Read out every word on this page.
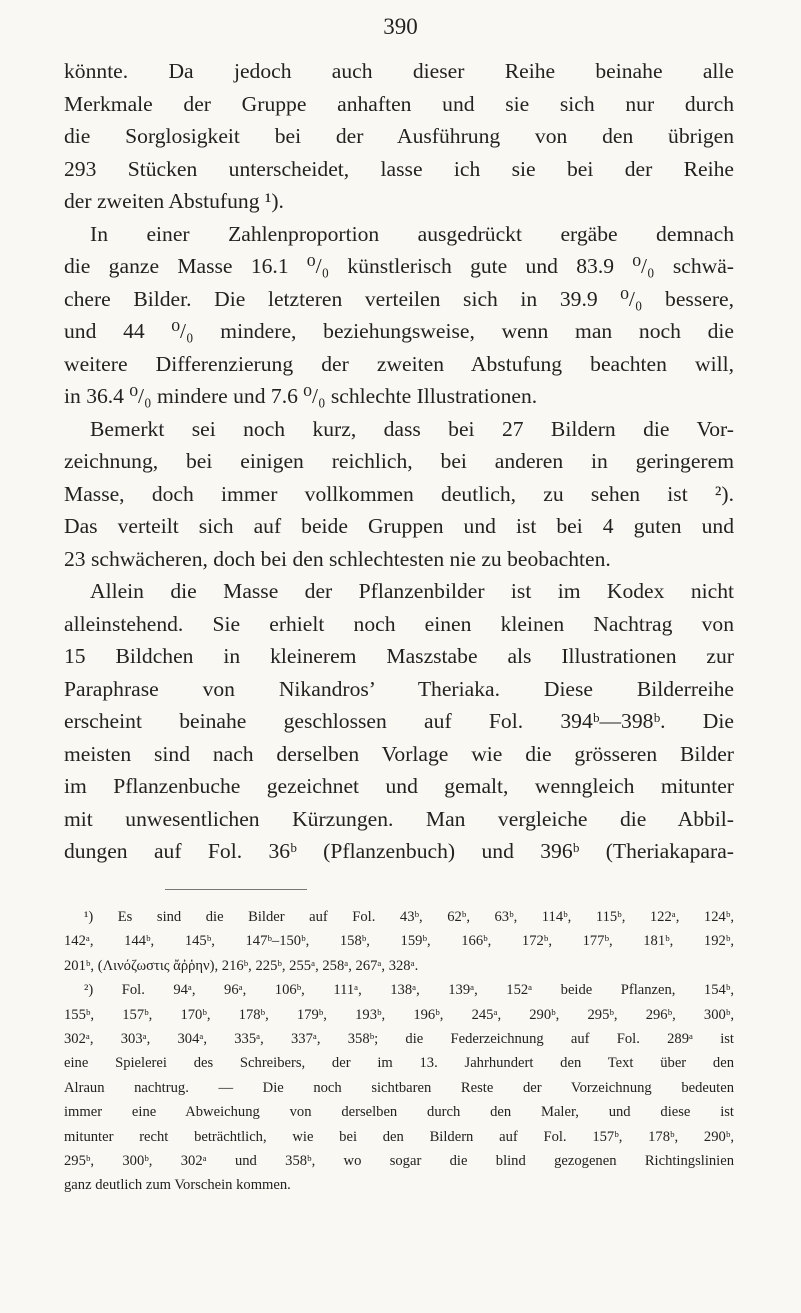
390
könnte. Da jedoch auch dieser Reihe beinahe alle
Merkmale der Gruppe anhaften und sie sich nur durch
die Sorglosigkeit bei der Ausführung von den übrigen
293 Stücken unterscheidet, lasse ich sie bei der Reihe
der zweiten Abstufung ¹).
In einer Zahlenproportion ausgedrückt ergäbe demnach
die ganze Masse 16.1 ⁰/₀ künstlerisch gute und 83.9 ⁰/₀ schwä-
chere Bilder. Die letzteren verteilen sich in 39.9 ⁰/₀ bessere,
und 44 ⁰/₀ mindere, beziehungsweise, wenn man noch die
weitere Differenzierung der zweiten Abstufung beachten will,
in 36.4 ⁰/₀ mindere und 7.6 ⁰/₀ schlechte Illustrationen.
Bemerkt sei noch kurz, dass bei 27 Bildern die Vor-
zeichnung, bei einigen reichlich, bei anderen in geringerem
Masse, doch immer vollkommen deutlich, zu sehen ist ²).
Das verteilt sich auf beide Gruppen und ist bei 4 guten und
23 schwächeren, doch bei den schlechtesten nie zu beobachten.
Allein die Masse der Pflanzenbilder ist im Kodex nicht
alleinstehend. Sie erhielt noch einen kleinen Nachtrag von
15 Bildchen in kleinerem Maszstabe als Illustrationen zur
Paraphrase von Nikandros’ Theriaka. Diese Bilderreihe
erscheint beinahe geschlossen auf Fol. 394ᵇ—398ᵇ. Die
meisten sind nach derselben Vorlage wie die grösseren Bilder
im Pflanzenbuche gezeichnet und gemalt, wenngleich mitunter
mit unwesentlichen Kürzungen. Man vergleiche die Abbil-
dungen auf Fol. 36ᵇ (Pflanzenbuch) und 396ᵇ (Theriakapara-
¹) Es sind die Bilder auf Fol. 43ᵇ, 62ᵇ, 63ᵇ, 114ᵇ, 115ᵇ, 122ᵃ, 124ᵇ,
142ᵃ, 144ᵇ, 145ᵇ, 147ᵇ–150ᵇ, 158ᵇ, 159ᵇ, 166ᵇ, 172ᵇ, 177ᵇ, 181ᵇ, 192ᵇ,
201ᵇ, (Λινόζωστις ἄῤῥην), 216ᵇ, 225ᵇ, 255ᵃ, 258ᵃ, 267ᵃ, 328ᵃ.
²) Fol. 94ᵃ, 96ᵃ, 106ᵇ, 111ᵃ, 138ᵃ, 139ᵃ, 152ᵃ beide Pflanzen, 154ᵇ,
155ᵇ, 157ᵇ, 170ᵇ, 178ᵇ, 179ᵇ, 193ᵇ, 196ᵇ, 245ᵃ, 290ᵇ, 295ᵇ, 296ᵇ, 300ᵇ,
302ᵃ, 303ᵃ, 304ᵃ, 335ᵃ, 337ᵃ, 358ᵇ; die Federzeichnung auf Fol. 289ᵃ ist
eine Spielerei des Schreibers, der im 13. Jahrhundert den Text über den
Alraun nachtrug. — Die noch sichtbaren Reste der Vorzeichnung bedeuten
immer eine Abweichung von derselben durch den Maler, und diese ist
mitunter recht beträchtlich, wie bei den Bildern auf Fol. 157ᵇ, 178ᵇ, 290ᵇ,
295ᵇ, 300ᵇ, 302ᵃ und 358ᵇ, wo sogar die blind gezogenen Richtingslinien
ganz deutlich zum Vorschein kommen.
